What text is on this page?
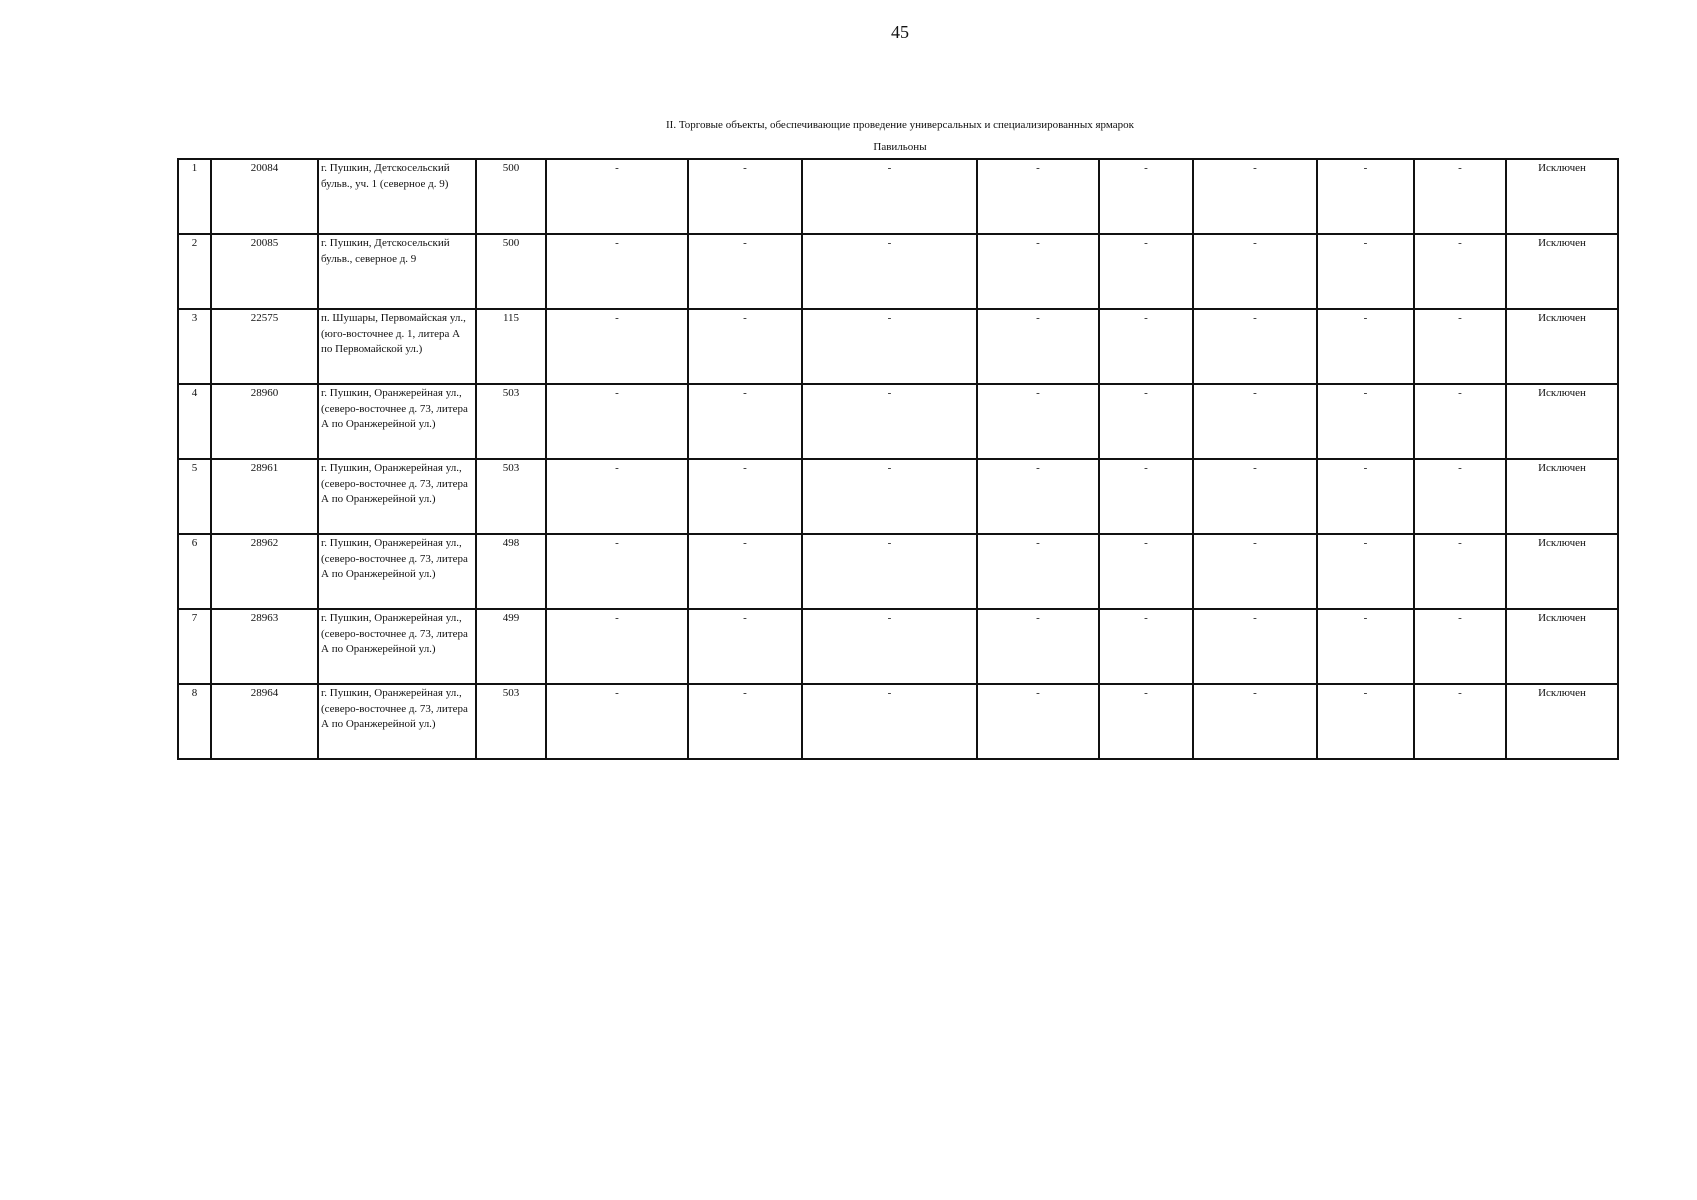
45
II. Торговые объекты, обеспечивающие проведение универсальных и специализированных ярмарок
Павильоны
1	20084	г. Пушкин, Детскосельский бульв., уч. 1 (северное д. 9)	500	-	-	-	-	-	-	-	-	Исключен
2	20085	г. Пушкин, Детскосельский бульв., северное д. 9	500	-	-	-	-	-	-	-	-	Исключен
3	22575	п. Шушары, Первомайская ул., (юго-восточнее д. 1, литера А по Первомайской ул.)	115	-	-	-	-	-	-	-	-	Исключен
4	28960	г. Пушкин, Оранжерейная ул., (северо-восточнее д. 73, литера А по Оранжерейной ул.)	503	-	-	-	-	-	-	-	-	Исключен
5	28961	г. Пушкин, Оранжерейная ул., (северо-восточнее д. 73, литера А по Оранжерейной ул.)	503	-	-	-	-	-	-	-	-	Исключен
6	28962	г. Пушкин, Оранжерейная ул., (северо-восточнее д. 73, литера А по Оранжерейной ул.)	498	-	-	-	-	-	-	-	-	Исключен
7	28963	г. Пушкин, Оранжерейная ул., (северо-восточнее д. 73, литера А по Оранжерейной ул.)	499	-	-	-	-	-	-	-	-	Исключен
8	28964	г. Пушкин, Оранжерейная ул., (северо-восточнее д. 73, литера А по Оранжерейной ул.)	503	-	-	-	-	-	-	-	-	Исключен
